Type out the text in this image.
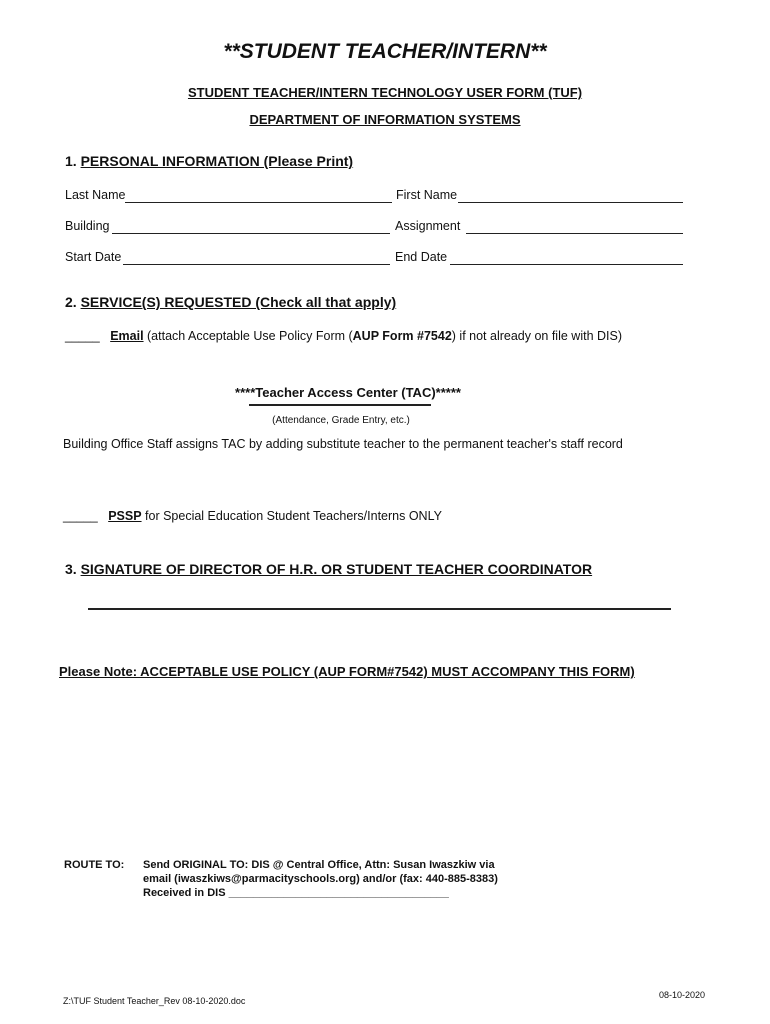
**STUDENT TEACHER/INTERN**
STUDENT TEACHER/INTERN TECHNOLOGY USER FORM (TUF)
DEPARTMENT OF INFORMATION SYSTEMS
1. PERSONAL INFORMATION (Please Print)
Last Name	First Name
Building	Assignment
Start Date	End Date
2. SERVICE(S) REQUESTED (Check all that apply)
_____ Email (attach Acceptable Use Policy Form (AUP Form #7542) if not already on file with DIS)
****Teacher Access Center (TAC)*****
(Attendance, Grade Entry, etc.)
Building Office Staff assigns TAC by adding substitute teacher to the permanent teacher's staff record
_____ PSSP for Special Education Student Teachers/Interns ONLY
3. SIGNATURE OF DIRECTOR OF H.R. OR STUDENT TEACHER COORDINATOR
Please Note: ACCEPTABLE USE POLICY (AUP FORM#7542) MUST ACCOMPANY THIS FORM)
ROUTE TO: Send ORIGINAL TO: DIS @ Central Office, Attn: Susan Iwaszkiw via
email (iwaszkiws@parmacityschools.org) and/or (fax: 440-885-8383)
Received in DIS ____________________________________
Z:\TUF Student Teacher_Rev 08-10-2020.doc
08-10-2020
